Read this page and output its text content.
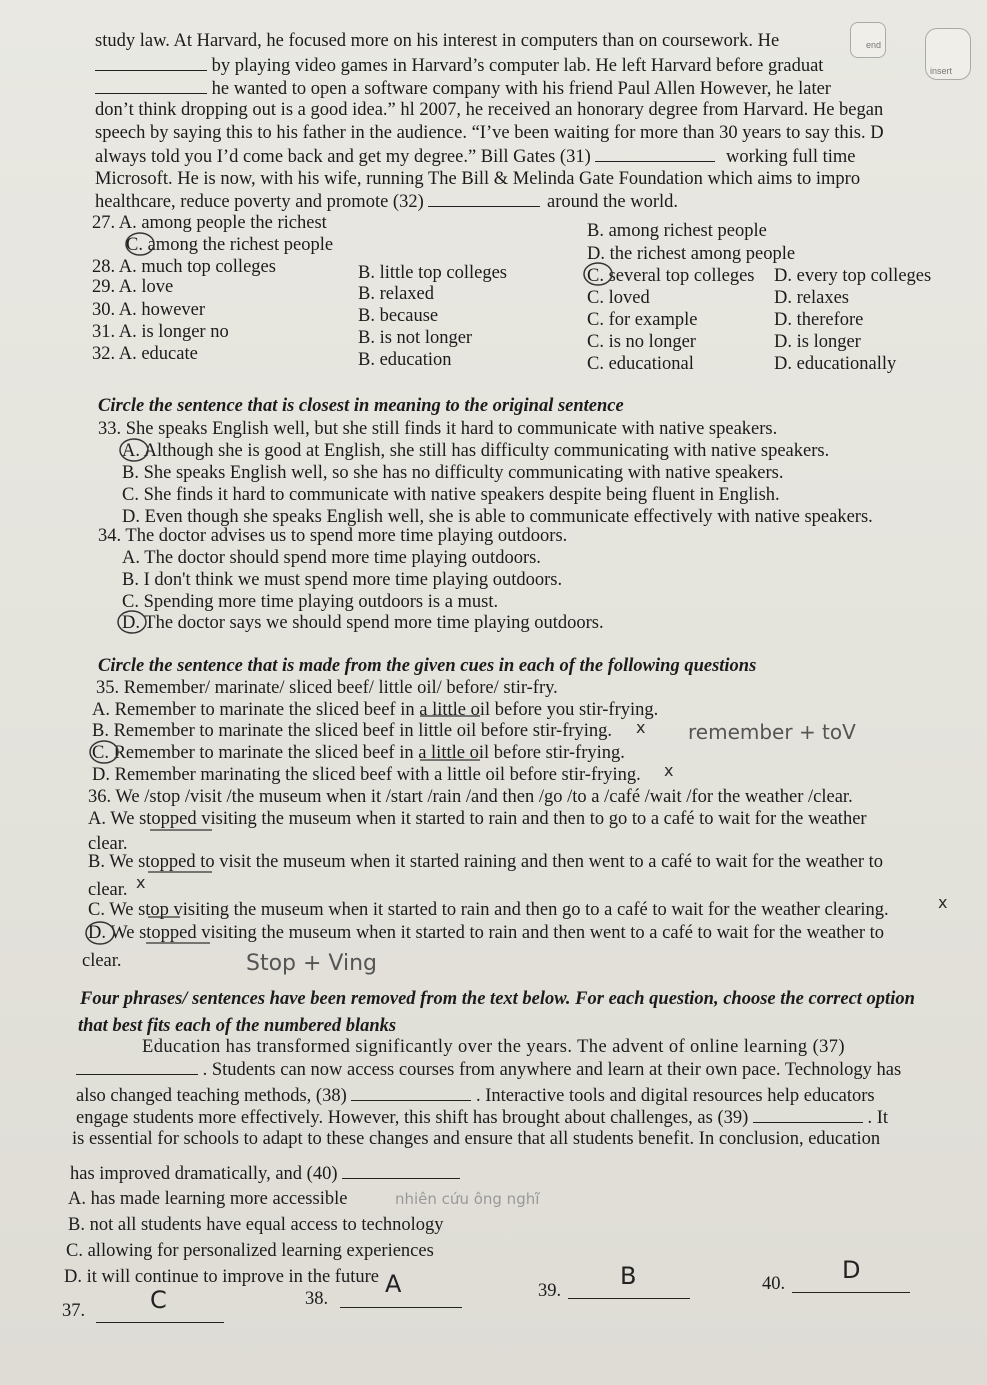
end
insert
study law. At Harvard, he focused more on his interest in computers than on coursework. He
by playing video games in Harvard’s computer lab. He left Harvard before graduat
he wanted to open a software company with his friend Paul Allen However, he later
don’t think dropping out is a good idea.” hl 2007, he received an honorary degree from Harvard. He began
speech by saying this to his father in the audience. “I’ve been waiting for more than 30 years to say this. D
always told you I’d come back and get my degree.” Bill Gates (31)	working full time
Microsoft. He is now, with his wife, running The Bill & Melinda Gate Foundation which aims to impro
healthcare, reduce poverty and promote (32)	around the world.
27. A. among people the richest	B. among richest people
C. among the richest people	D. the richest among people
28. A. much top colleges	B. little top colleges	C. several top colleges D. every top colleges
29. A. love	B. relaxed	C. loved	D. relaxes
30. A. however	B. because	C. for example	D. therefore
31. A. is longer no	B. is not longer	C. is no longer	D. is longer
32. A. educate	B. education	C. educational	D. educationally
Circle the sentence that is closest in meaning to the original sentence
33. She speaks English well, but she still finds it hard to communicate with native speakers.
A. Although she is good at English, she still has difficulty communicating with native speakers.
B. She speaks English well, so she has no difficulty communicating with native speakers.
C. She finds it hard to communicate with native speakers despite being fluent in English.
D. Even though she speaks English well, she is able to communicate effectively with native speakers.
34. The doctor advises us to spend more time playing outdoors.
A. The doctor should spend more time playing outdoors.
B. I don't think we must spend more time playing outdoors.
C. Spending more time playing outdoors is a must.
D. The doctor says we should spend more time playing outdoors.
Circle the sentence that is made from the given cues in each of the following questions
35. Remember/ marinate/ sliced beef/ little oil/ before/ stir-fry.
A. Remember to marinate the sliced beef in a little oil before you stir-frying.
B. Remember to marinate the sliced beef in little oil before stir-frying.
C. Remember to marinate the sliced beef in a little oil before stir-frying.
D. Remember marinating the sliced beef with a little oil before stir-frying.
36. We /stop /visit /the museum when it /start /rain /and then /go /to a /café /wait /for the weather /clear.
A. We stopped visiting the museum when it started to rain and then to go to a café to wait for the weather
clear.
B. We stopped to visit the museum when it started raining and then went to a café to wait for the weather to
clear.
C. We stop visiting the museum when it started to rain and then go to a café to wait for the weather clearing.
D. We stopped visiting the museum when it started to rain and then went to a café to wait for the weather to
clear.
Four phrases/ sentences have been removed from the text below. For each question, choose the correct option
that best fits each of the numbered blanks
Education has transformed significantly over the years. The advent of online learning (37)
. Students can now access courses from anywhere and learn at their own pace. Technology has
also changed teaching methods, (38)	. Interactive tools and digital resources help educators
engage students more effectively. However, this shift has brought about challenges, as (39)	. It
is essential for schools to adapt to these changes and ensure that all students benefit. In conclusion, education
has improved dramatically, and (40)
A. has made learning more accessible
B. not all students have equal access to technology
C. allowing for personalized learning experiences
D. it will continue to improve in the future
37.
38.	39.	40.
C
A	B	D
remember + toV
Stop + Ving
nhiên cứu ông nghĩ
x
x
x
x
